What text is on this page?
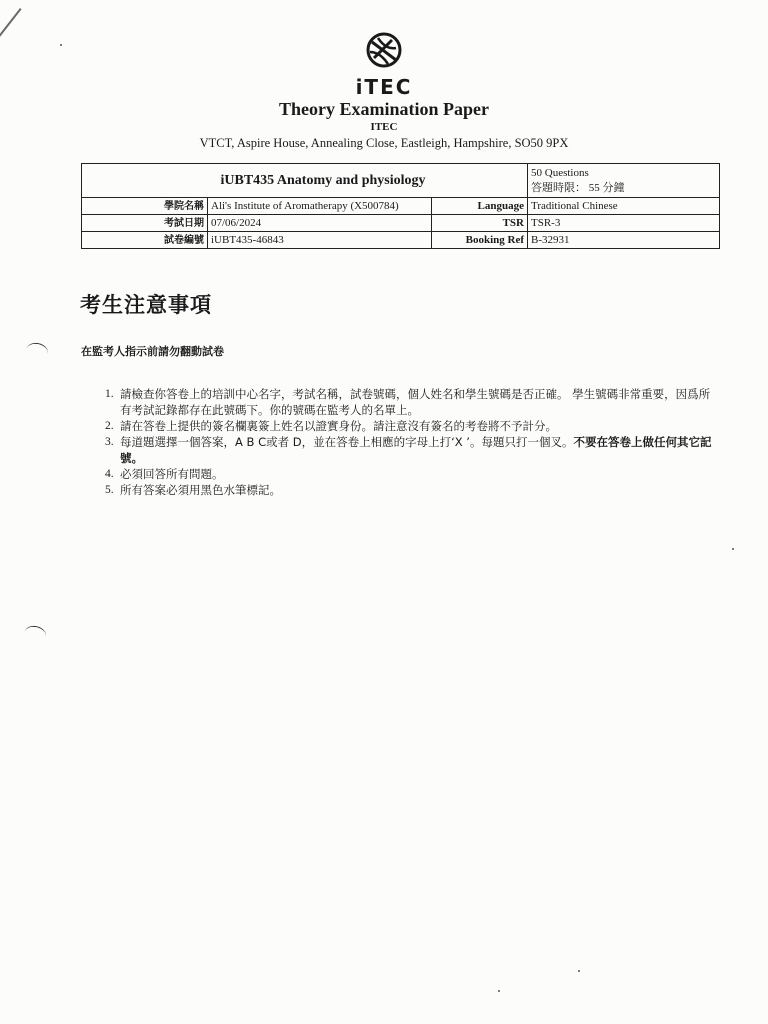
iTEC
Theory Examination Paper
ITEC
VTCT, Aspire House, Annealing Close, Eastleigh, Hampshire, SO50 9PX
iUBT435 Anatomy and physiology			50 Questions
答題時限： 55 分鐘

學院名稱	Ali's Institute of Aromatherapy (X500784)	Language	Traditional Chinese
考試日期	07/06/2024	TSR	TSR-3
試卷編號	iUBT435-46843	Booking Ref	B-32931
考生注意事項
在監考人指示前請勿翻動試卷
1. 請檢查你答卷上的培訓中心名字，考試名稱，試卷號碼，個人姓名和學生號碼是否正確。 學生號碼非常重要，因爲所有考試記錄都存在此號碼下。你的號碼在監考人的名單上。
2. 請在答卷上提供的簽名欄裏簽上姓名以證實身份。請注意沒有簽名的考卷將不予計分。
3. 每道題選擇一個答案，A B C或者 D，並在答卷上相應的字母上打‘X ’。每題只打一個叉。不要在答卷上做任何其它記號。
4. 必須回答所有問題。
5. 所有答案必須用黑色水筆標記。
